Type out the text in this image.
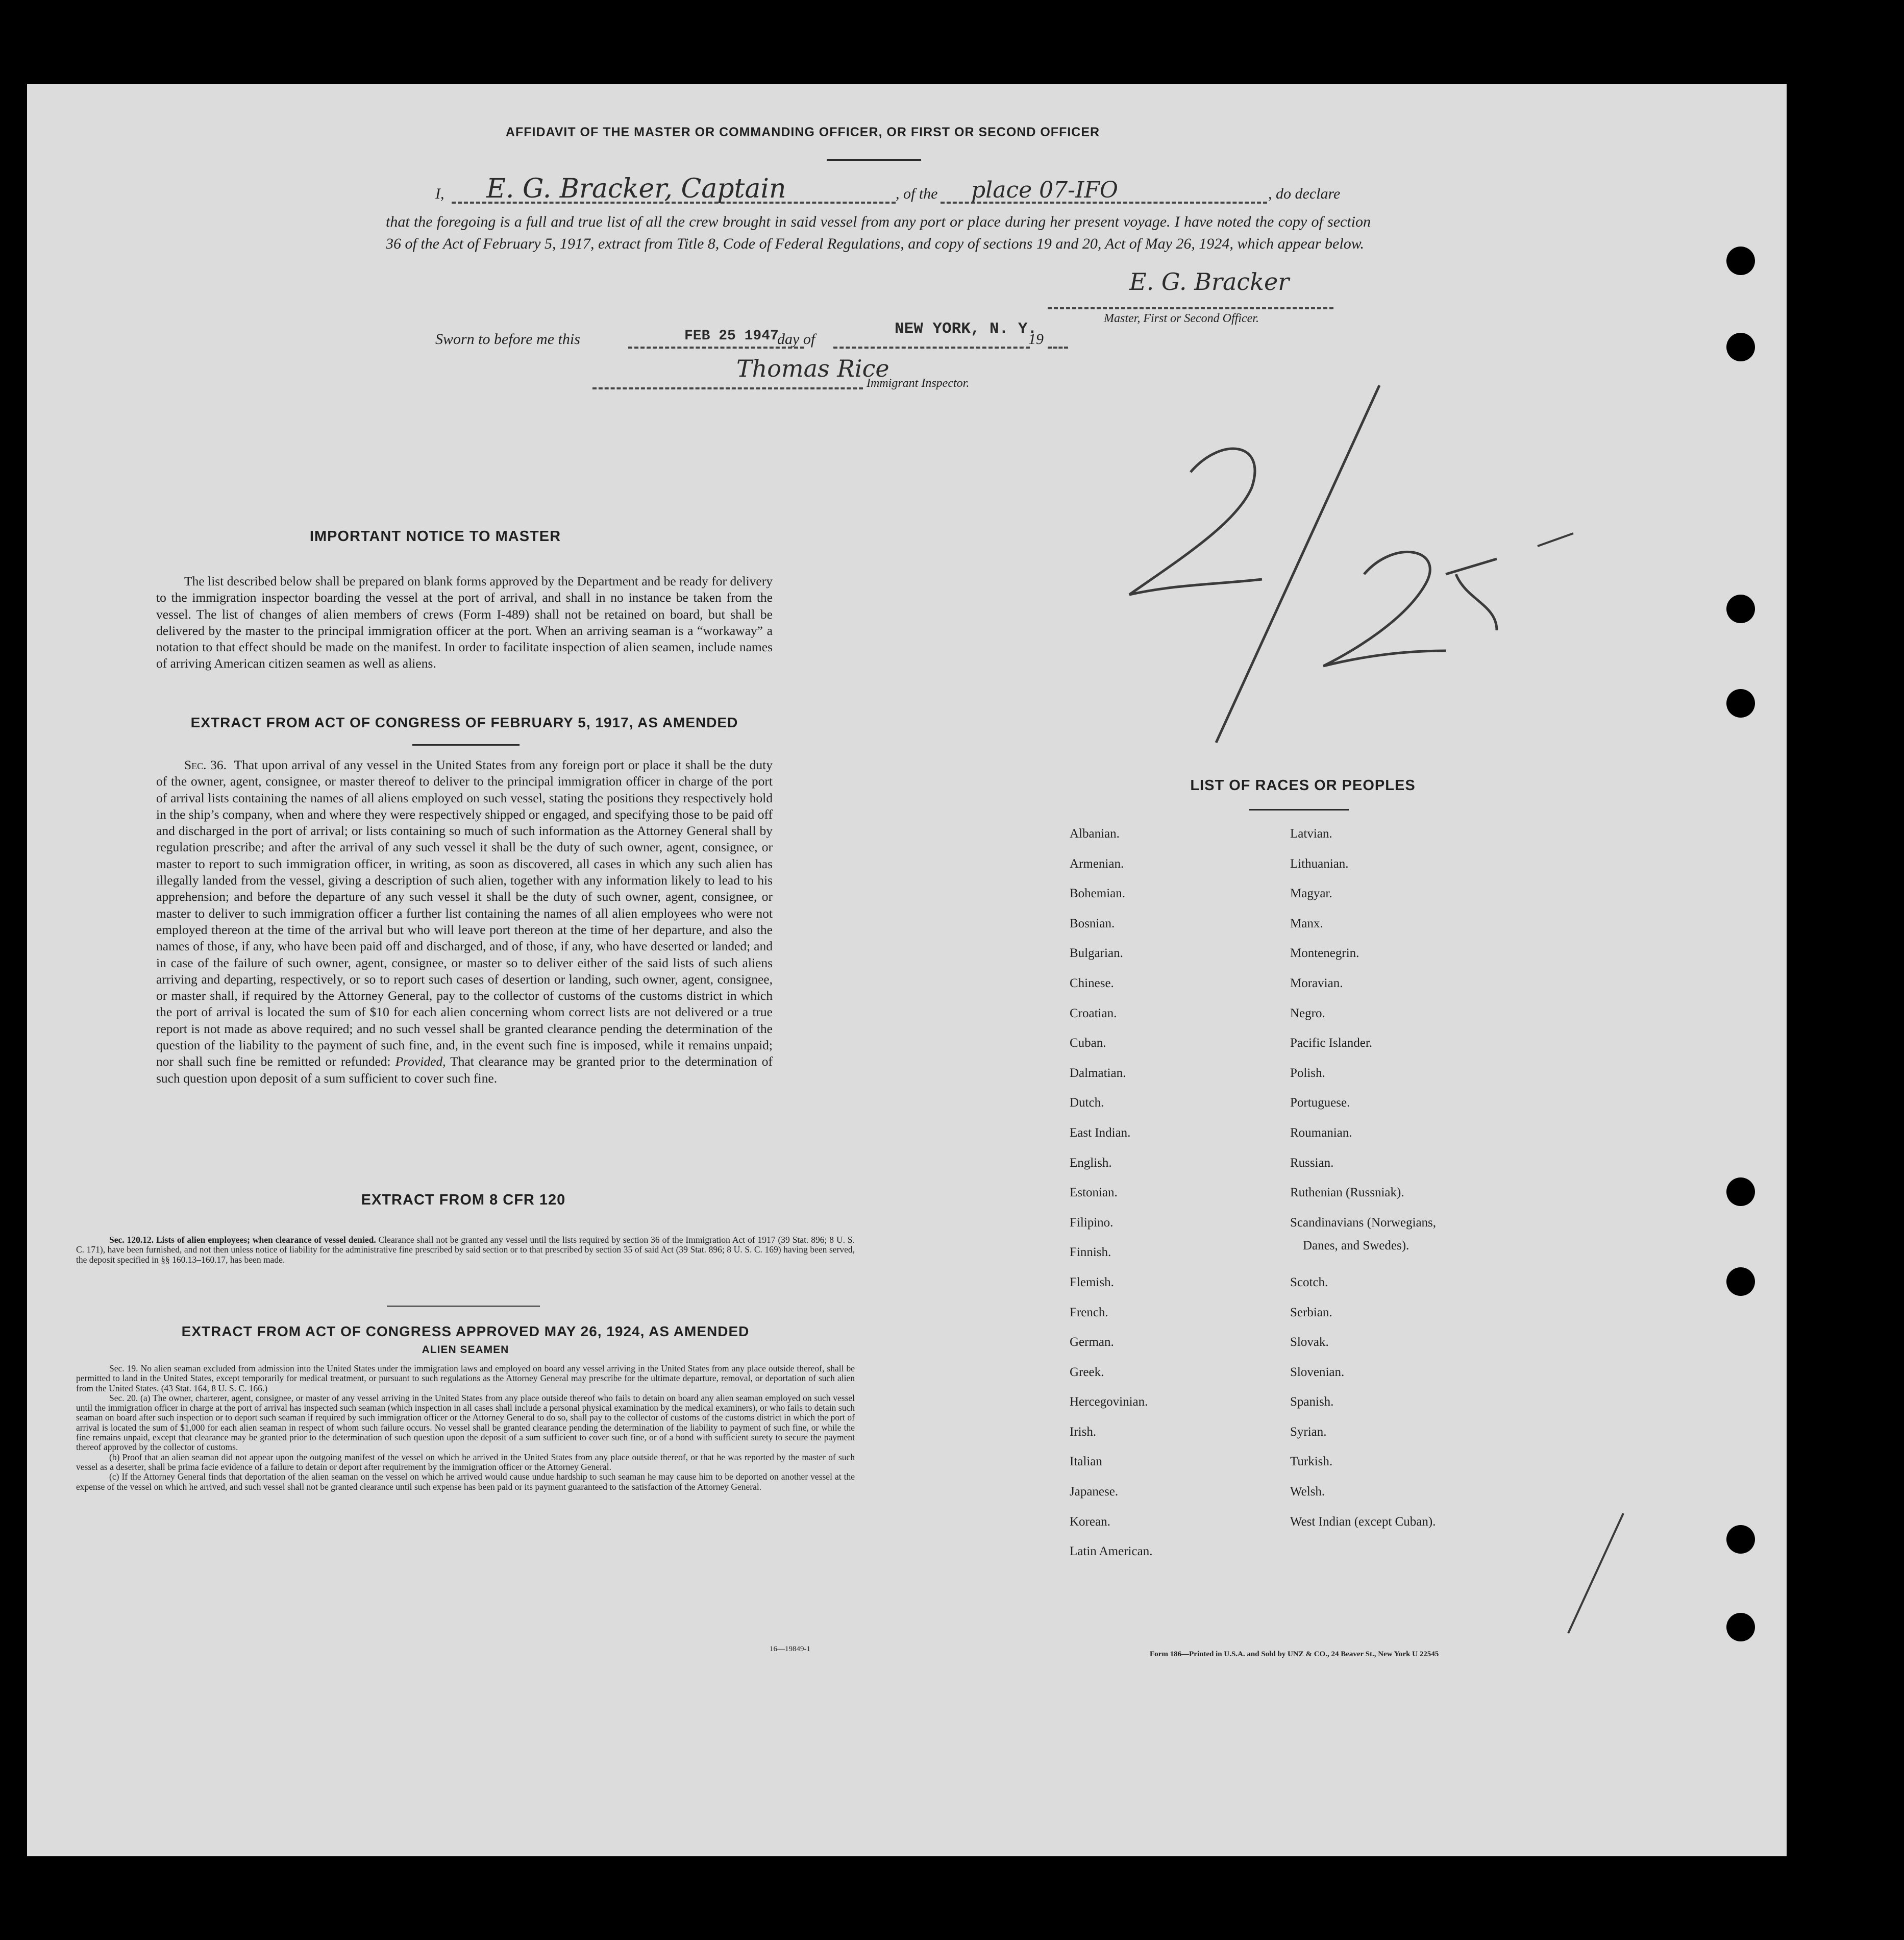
AFFIDAVIT OF THE MASTER OR COMMANDING OFFICER, OR FIRST OR SECOND OFFICER
I, E. G. Bracker, Captain	, of the place 07-IFO	, do declare
that the foregoing is a full and true list of all the crew brought in said vessel from any port or place during her present voyage. I have noted the copy of section 36 of the Act of February 5, 1917, extract from Title 8, Code of Federal Regulations, and copy of sections 19 and 20, Act of May 26, 1924, which appear below.
E. G. Bracker
Master, First or Second Officer.
Sworn to before me this	FEB 25 1947
day of
NEW YORK, N. Y.
19
Thomas Rice
Immigrant Inspector.
IMPORTANT NOTICE TO MASTER
The list described below shall be prepared on blank forms approved by the Department and be ready for delivery to the immigration inspector boarding the vessel at the port of arrival, and shall in no instance be taken from the vessel. The list of changes of alien members of crews (Form I-489) shall not be retained on board, but shall be delivered by the master to the principal immigration officer at the port. When an arriving seaman is a “workaway” a notation to that effect should be made on the manifest. In order to facilitate inspection of alien seamen, include names of arriving American citizen seamen as well as aliens.
EXTRACT FROM ACT OF CONGRESS OF FEBRUARY 5, 1917, AS AMENDED
Sec. 36. That upon arrival of any vessel in the United States from any foreign port or place it shall be the duty of the owner, agent, consignee, or master thereof to deliver to the principal immigration officer in charge of the port of arrival lists containing the names of all aliens employed on such vessel, stating the positions they respectively hold in the ship’s company, when and where they were respectively shipped or engaged, and specifying those to be paid off and discharged in the port of arrival; or lists containing so much of such information as the Attorney General shall by regulation prescribe; and after the arrival of any such vessel it shall be the duty of such owner, agent, consignee, or master to report to such immigration officer, in writing, as soon as discovered, all cases in which any such alien has illegally landed from the vessel, giving a description of such alien, together with any information likely to lead to his apprehension; and before the departure of any such vessel it shall be the duty of such owner, agent, consignee, or master to deliver to such immigration officer a further list containing the names of all alien employees who were not employed thereon at the time of the arrival but who will leave port thereon at the time of her departure, and also the names of those, if any, who have been paid off and discharged, and of those, if any, who have deserted or landed; and in case of the failure of such owner, agent, consignee, or master so to deliver either of the said lists of such aliens arriving and departing, respectively, or so to report such cases of desertion or landing, such owner, agent, consignee, or master shall, if required by the Attorney General, pay to the collector of customs of the customs district in which the port of arrival is located the sum of $10 for each alien concerning whom correct lists are not delivered or a true report is not made as above required; and no such vessel shall be granted clearance pending the determination of the question of the liability to the payment of such fine, and, in the event such fine is imposed, while it remains unpaid; nor shall such fine be remitted or refunded: Provided, That clearance may be granted prior to the determination of such question upon deposit of a sum sufficient to cover such fine.
EXTRACT FROM 8 CFR 120
Sec. 120.12. Lists of alien employees; when clearance of vessel denied. Clearance shall not be granted any vessel until the lists required by section 36 of the Immigration Act of 1917 (39 Stat. 896; 8 U. S. C. 171), have been furnished, and not then unless notice of liability for the administrative fine prescribed by said section or to that prescribed by section 35 of said Act (39 Stat. 896; 8 U. S. C. 169) having been served, the deposit specified in §§ 160.13–160.17, has been made.
EXTRACT FROM ACT OF CONGRESS APPROVED MAY 26, 1924, AS AMENDED
ALIEN SEAMEN
Sec. 19. No alien seaman excluded from admission into the United States under the immigration laws and employed on board any vessel arriving in the United States from any place outside thereof, shall be permitted to land in the United States, except temporarily for medical treatment, or pursuant to such regulations as the Attorney General may prescribe for the ultimate departure, removal, or deportation of such alien from the United States. (43 Stat. 164, 8 U. S. C. 166.)
Sec. 20. (a) The owner, charterer, agent, consignee, or master of any vessel arriving in the United States from any place outside thereof who fails to detain on board any alien seaman employed on such vessel until the immigration officer in charge at the port of arrival has inspected such seaman (which inspection in all cases shall include a personal physical examination by the medical examiners), or who fails to detain such seaman on board after such inspection or to deport such seaman if required by such immigration officer or the Attorney General to do so, shall pay to the collector of customs of the customs district in which the port of arrival is located the sum of $1,000 for each alien seaman in respect of whom such failure occurs. No vessel shall be granted clearance pending the determination of the liability to payment of such fine, or while the fine remains unpaid, except that clearance may be granted prior to the determination of such question upon the deposit of a sum sufficient to cover such fine, or of a bond with sufficient surety to secure the payment thereof approved by the collector of customs.
(b) Proof that an alien seaman did not appear upon the outgoing manifest of the vessel on which he arrived in the United States from any place outside thereof, or that he was reported by the master of such vessel as a deserter, shall be prima facie evidence of a failure to detain or deport after requirement by the immigration officer or the Attorney General.
(c) If the Attorney General finds that deportation of the alien seaman on the vessel on which he arrived would cause undue hardship to such seaman he may cause him to be deported on another vessel at the expense of the vessel on which he arrived, and such vessel shall not be granted clearance until such expense has been paid or its payment guaranteed to the satisfaction of the Attorney General.
16—19849-1
LIST OF RACES OR PEOPLES
Albanian.
Armenian.
Bohemian.
Bosnian.
Bulgarian.
Chinese.
Croatian.
Cuban.
Dalmatian.
Dutch.
East Indian.
English.
Estonian.
Filipino.
Finnish.
Flemish.
French.
German.
Greek.
Hercegovinian.
Irish.
Italian
Japanese.
Korean.
Latin American.
Latvian.
Lithuanian.
Magyar.
Manx.
Montenegrin.
Moravian.
Negro.
Pacific Islander.
Polish.
Portuguese.
Roumanian.
Russian.
Ruthenian (Russniak).
Scandinavians (Norwegians,
Scotch.
Serbian.
Slovak.
Slovenian.
Spanish.
Syrian.
Turkish.
Welsh.
West Indian (except Cuban).
Danes, and Swedes).
Form 186—Printed in U.S.A. and Sold by UNZ & CO., 24 Beaver St., New York U 22545
